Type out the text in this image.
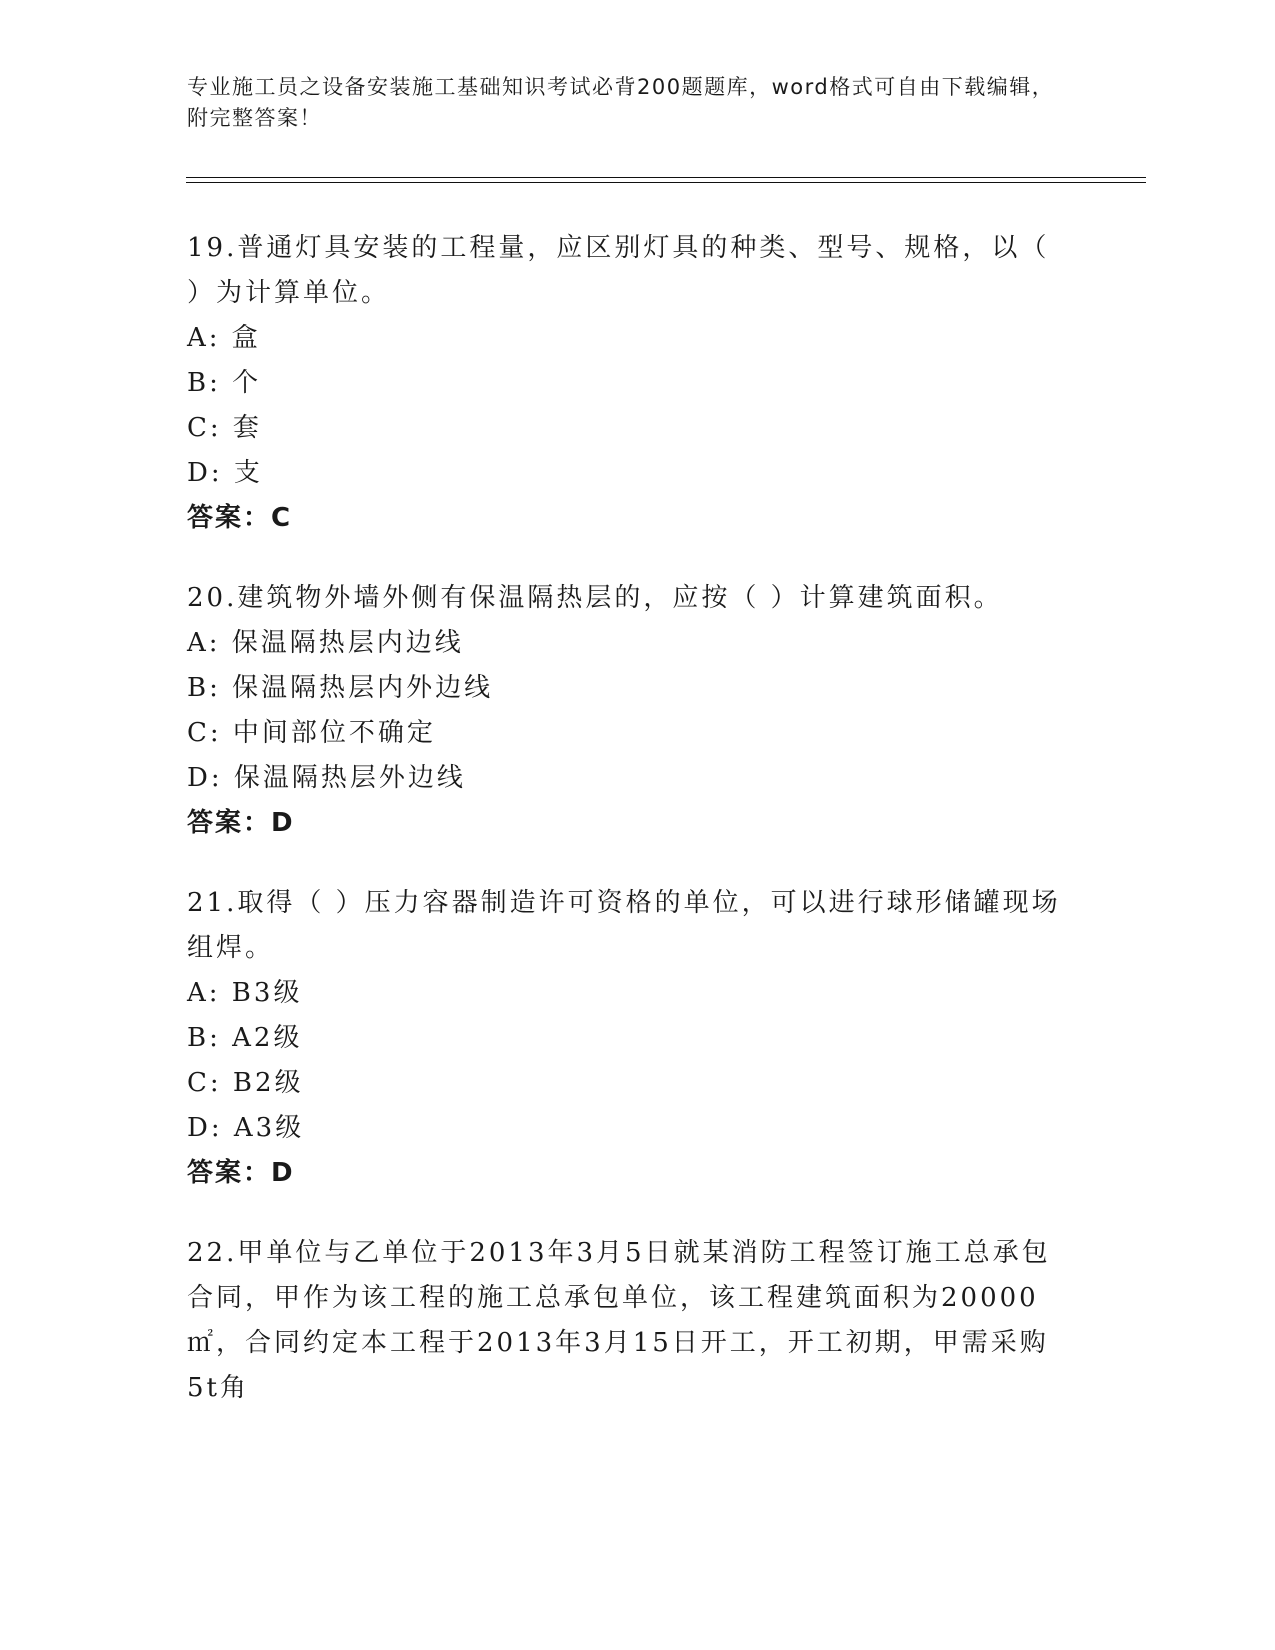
专业施工员之设备安装施工基础知识考试必背200题题库，word格式可自由下载编辑，附完整答案！
19.普通灯具安装的工程量，应区别灯具的种类、型号、规格，以（ ）为计算单位。
A: 盒
B: 个
C: 套
D: 支
答案：C
20.建筑物外墙外侧有保温隔热层的，应按（ ）计算建筑面积。
A: 保温隔热层内边线
B: 保温隔热层内外边线
C: 中间部位不确定
D: 保温隔热层外边线
答案：D
21.取得（ ）压力容器制造许可资格的单位，可以进行球形储罐现场组焊。
A: B3级
B: A2级
C: B2级
D: A3级
答案：D
22.甲单位与乙单位于2013年3月5日就某消防工程签订施工总承包合同，甲作为该工程的施工总承包单位，该工程建筑面积为20000㎡，合同约定本工程于2013年3月15日开工，开工初期，甲需采购5t角
